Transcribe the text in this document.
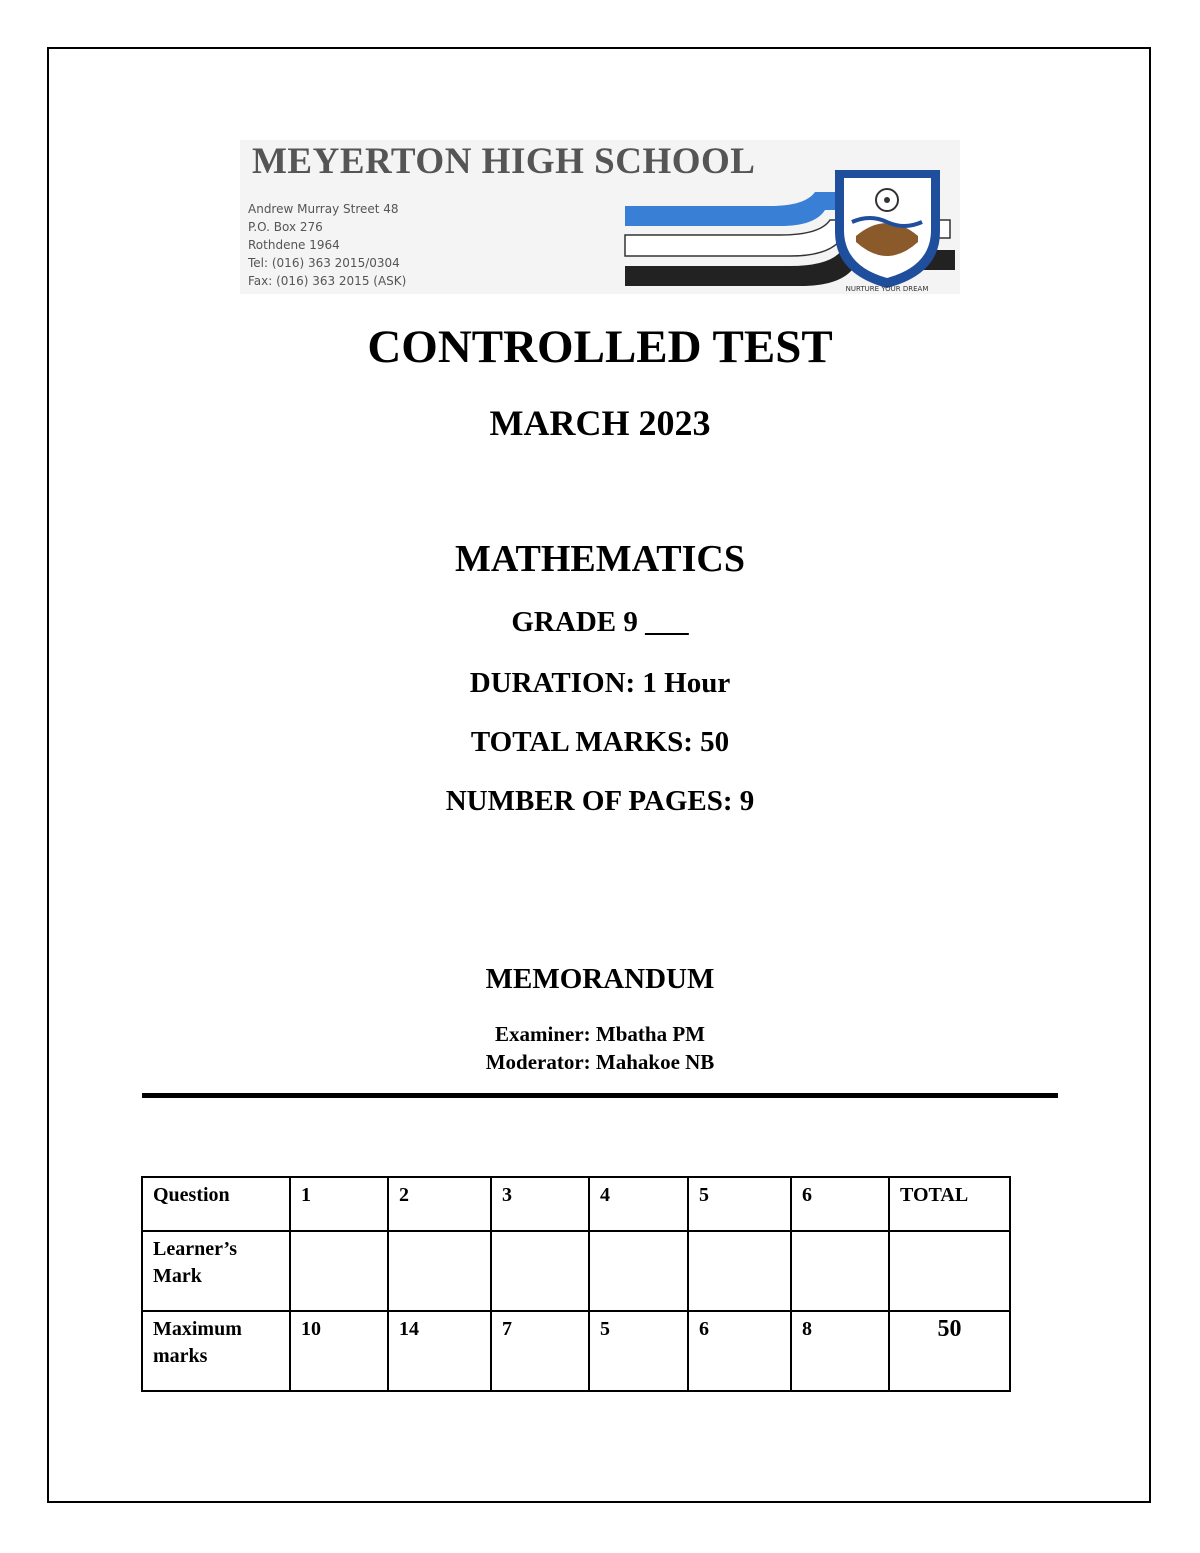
MEYERTON HIGH SCHOOL
Andrew Murray Street 48
P.O. Box 276
Rothdene 1964
Tel: (016) 363 2015/0304
Fax: (016) 363 2015 (ASK)
NURTURE YOUR DREAM
CONTROLLED TEST
MARCH 2023
MATHEMATICS
GRADE 9 ___
DURATION: 1 Hour
TOTAL MARKS: 50
NUMBER OF PAGES: 9
MEMORANDUM
Examiner: Mbatha PM
Moderator: Mahakoe NB
Question	1	2	3	4	5	6	TOTAL
Learner’s Mark							
Maximum marks	10	14	7	5	6	8	50
